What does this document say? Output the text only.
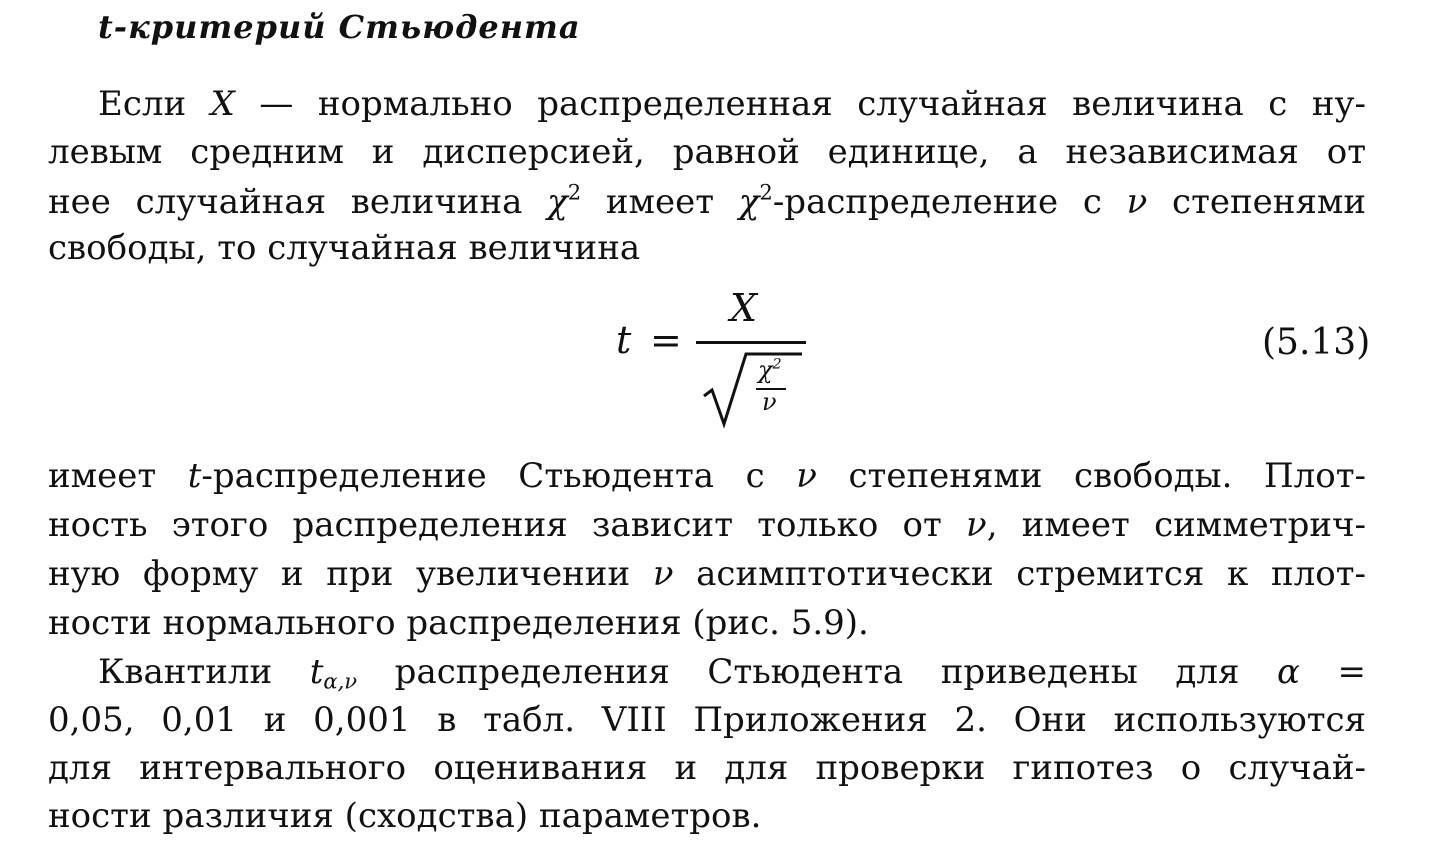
t-критерий Стьюдента
Если X — нормально распределенная случайная величина с ну-
левым средним и дисперсией, равной единице, а независимая от
нее случайная величина $\chi^2$ имеет $\chi^2$-распределение с ν степенями
свободы, то случайная величина
t =
X
$\chi^2$
ν
(5.13)
имеет t-распределение Стьюдента с ν степенями свободы. Плот-
ность этого распределения зависит только от ν, имеет симметрич-
ную форму и при увеличении ν асимптотически стремится к плот-
ности нормального распределения (рис. 5.9).
Квантили $t_{\alpha,\nu}$ распределения Стьюдента приведены для α =
0,05, 0,01 и 0,001 в табл. VIII Приложения 2. Они используются
для интервального оценивания и для проверки гипотез о случай-
ности различия (сходства) параметров.
